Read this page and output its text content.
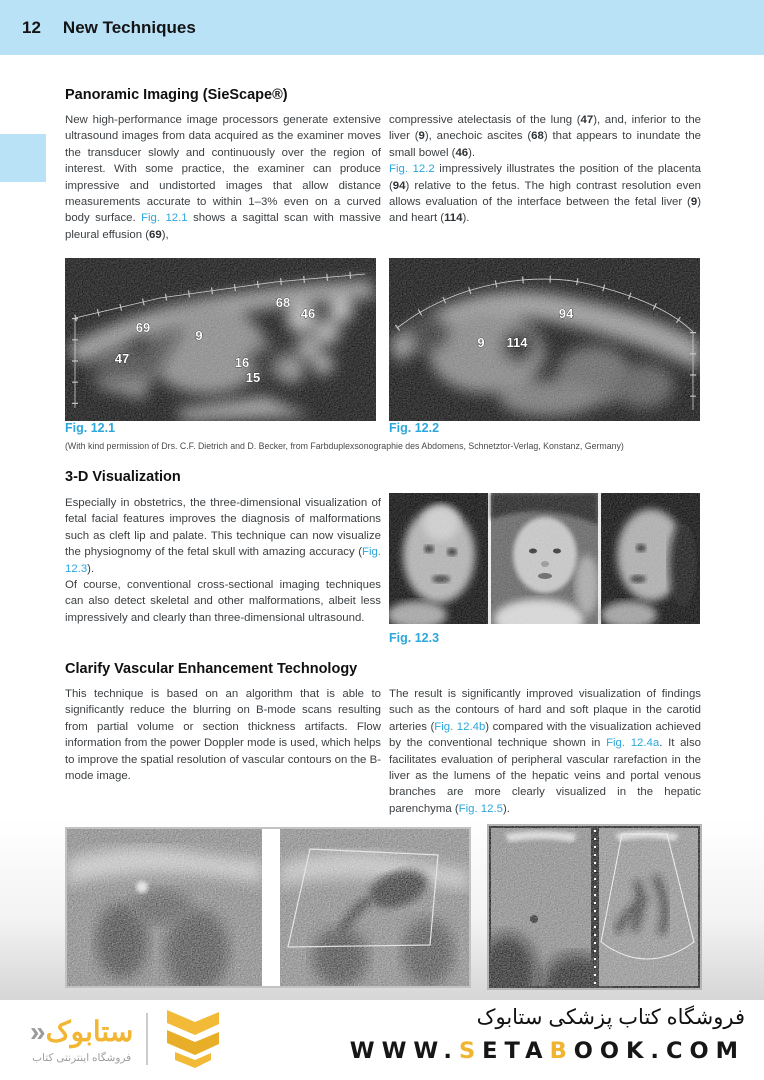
12 New Techniques
Panoramic Imaging (SieScape®)

New high-performance image processors generate extensive ultrasound images from data acquired as the examiner moves the transducer slowly and continuously over the region of interest. With some practice, the examiner can produce impressive and undistorted images that allow distance measurements accurate to within 1–3% even on a curved body surface. Fig. 12.1 shows a sagittal scan with massive pleural effusion (69),

compressive atelectasis of the lung (47), and, inferior to the liver (9), anechoic ascites (68) that appears to inundate the small bowel (46).

Fig. 12.2 impressively illustrates the position of the placenta (94) relative to the fetus. The high contrast resolution even allows evaluation of the interface between the fetal liver (9) and heart (114).

69
9
47	16
15
68
46	94
9 114

Fig. 12.1	Fig. 12.2

(With kind permission of Drs. C.F. Dietrich and D. Becker, from Farbduplexsonographie des Abdomens, Schnetztor-Verlag, Konstanz, Germany)

3-D Visualization

Especially in obstetrics, the three-dimensional visualization of fetal facial features improves the diagnosis of malformations such as cleft lip and palate. This technique can now visualize the physiognomy of the fetal skull with amazing accuracy (Fig. 12.3).

Of course, conventional cross-sectional imaging techniques can also detect skeletal and other malformations, albeit less impressively and clearly than three-dimensional ultrasound.

Fig. 12.3

Clarify Vascular Enhancement Technology

This technique is based on an algorithm that is able to significantly reduce the blurring on B-mode scans resulting from partial volume or section thickness artifacts. Flow information from the power Doppler mode is used, which helps to improve the spatial resolution of vascular contours on the B-mode image.

The result is significantly improved visualization of findings such as the contours of hard and soft plaque in the carotid arteries (Fig. 12.4b) compared with the visualization achieved by the conventional technique shown in Fig. 12.4a. It also facilitates evaluation of peripheral vascular rarefaction in the liver as the lumens of the hepatic veins and portal venous branches are more clearly visualized in the hepatic parenchyma (Fig. 12.5).

ستابوک«

فروشگاه اینترنتی کتاب

فروشگاه کتاب پزشکی ستابوک

WWW.SETABOOK.COM
